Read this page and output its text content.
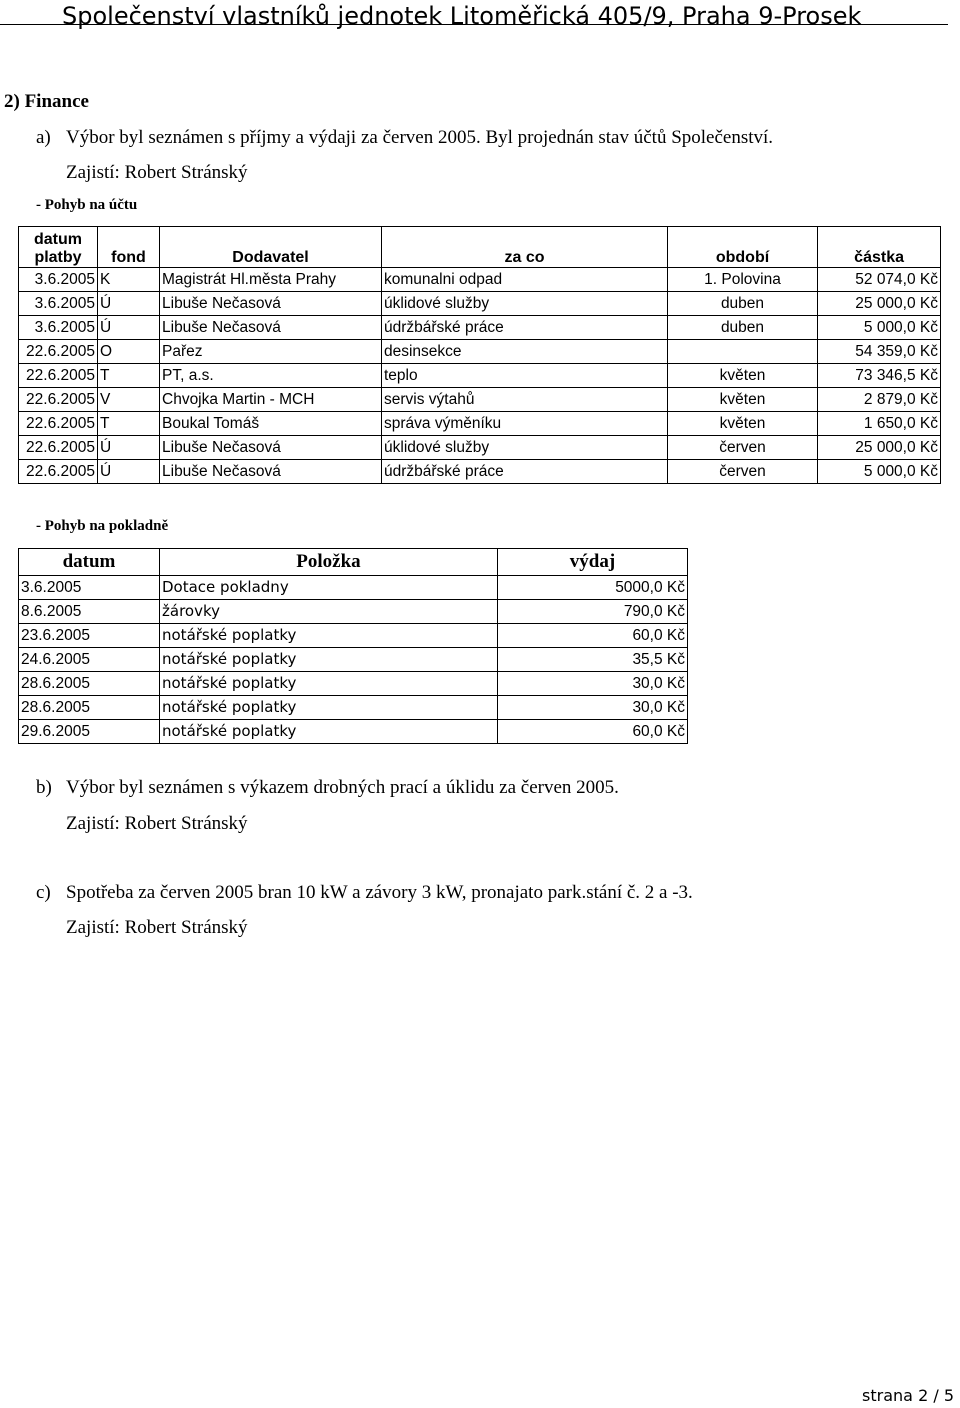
Společenství vlastníků jednotek Litoměřická 405/9, Praha 9-Prosek
2) Finance
a) Výbor byl seznámen s příjmy a výdaji za červen 2005. Byl projednán stav účtů Společenství.
Zajistí: Robert Stránský
- Pohyb na účtu
datum
platby	fond	Dodavatel	za co	období	částka
3.6.2005	K	Magistrát Hl.města Prahy	komunalni odpad	1. Polovina	52 074,0 Kč
3.6.2005	Ú	Libuše Nečasová	úklidové služby	duben	25 000,0 Kč
3.6.2005	Ú	Libuše Nečasová	údržbářské práce	duben	5 000,0 Kč
22.6.2005	O	Pařez	desinsekce		54 359,0 Kč
22.6.2005	T	PT, a.s.	teplo	květen	73 346,5 Kč
22.6.2005	V	Chvojka Martin - MCH	servis výtahů	květen	2 879,0 Kč
22.6.2005	T	Boukal Tomáš	správa výměníku	květen	1 650,0 Kč
22.6.2005	Ú	Libuše Nečasová	úklidové služby	červen	25 000,0 Kč
22.6.2005	Ú	Libuše Nečasová	údržbářské práce	červen	5 000,0 Kč
- Pohyb na pokladně
datum	Položka	výdaj
3.6.2005	Dotace pokladny	5000,0 Kč
8.6.2005	žárovky	790,0 Kč
23.6.2005	notářské poplatky	60,0 Kč
24.6.2005	notářské poplatky	35,5 Kč
28.6.2005	notářské poplatky	30,0 Kč
28.6.2005	notářské poplatky	30,0 Kč
29.6.2005	notářské poplatky	60,0 Kč
b) Výbor byl seznámen s výkazem drobných prací a úklidu za červen 2005.
Zajistí: Robert Stránský
c) Spotřeba za červen 2005 bran 10 kW a závory 3 kW, pronajato park.stání č. 2 a -3.
Zajistí: Robert Stránský
strana 2 / 5
